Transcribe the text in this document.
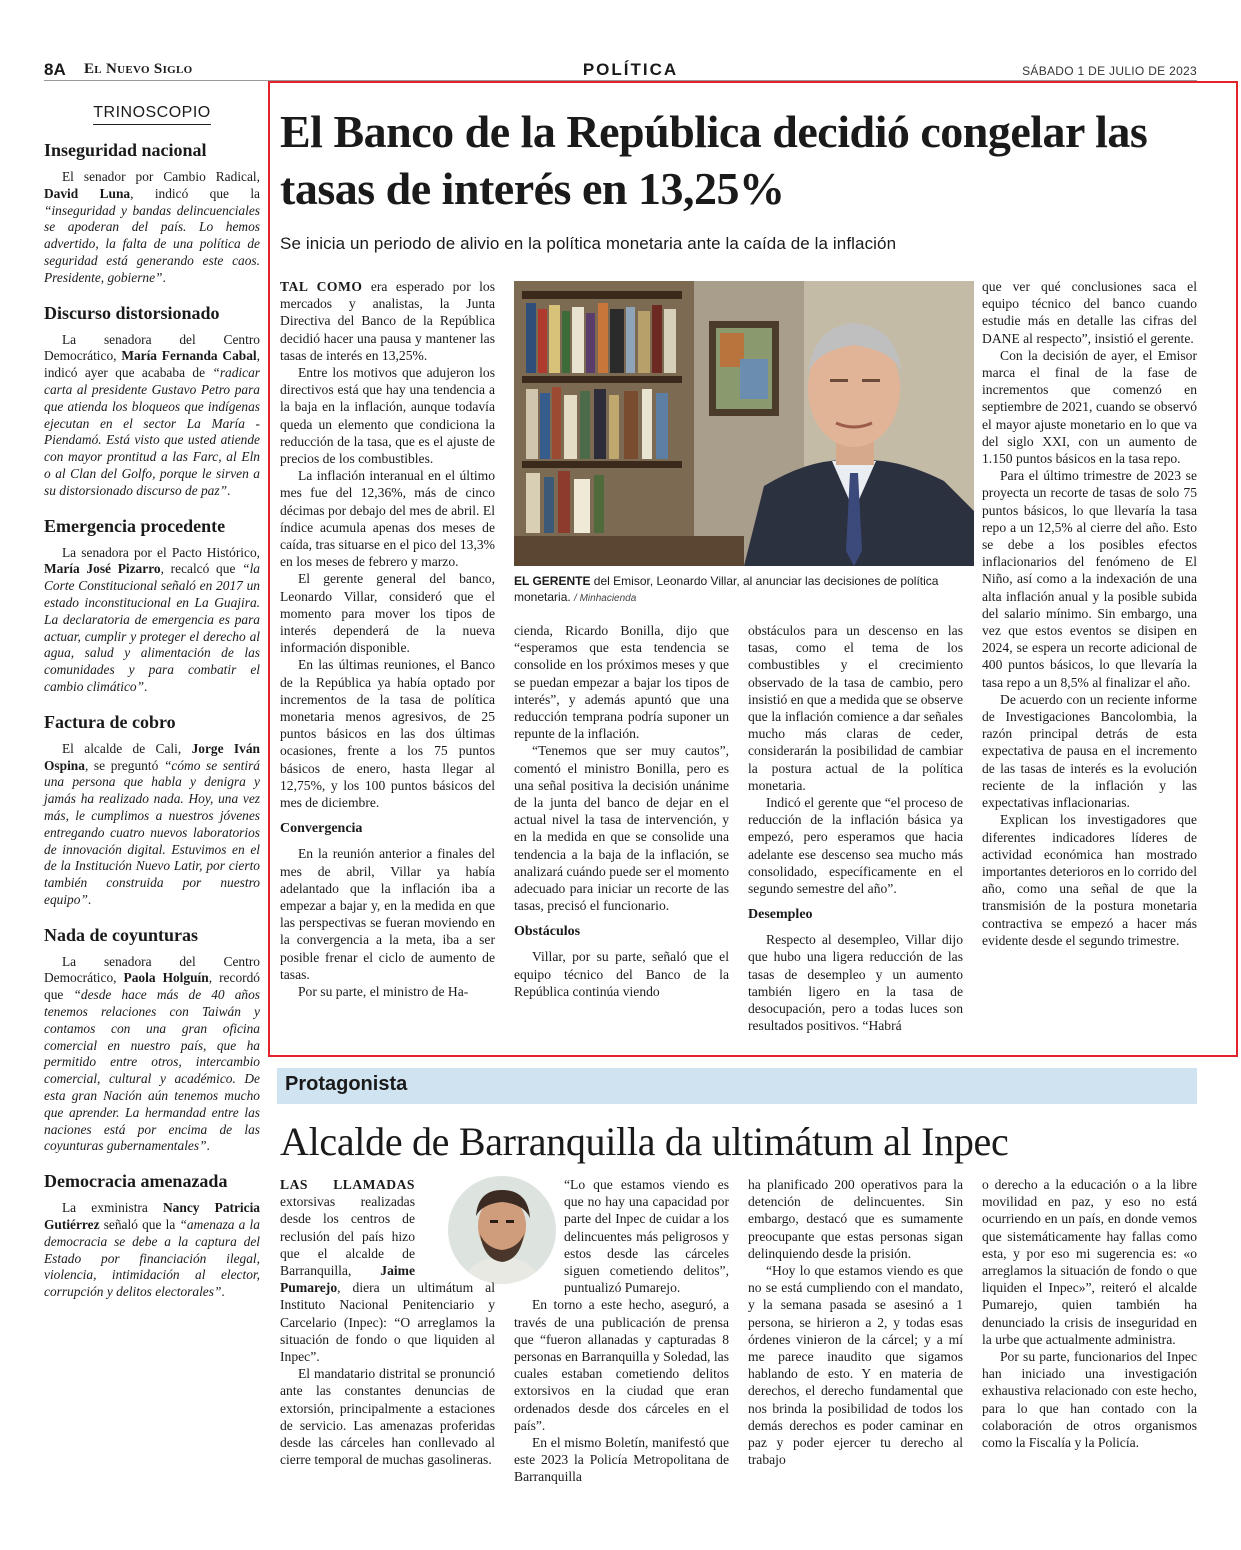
8A El Nuevo Siglo	POLÍTICA	SÁBADO 1 DE JULIO DE 2023
TRINOSCOPIO
Inseguridad nacional

El senador por Cambio Radical, David Luna, indicó que la “inseguridad y bandas delincuenciales se apoderan del país. Lo hemos advertido, la falta de una política de seguridad está generando este caos. Presidente, gobierne”.

Discurso distorsionado

La senadora del Centro Democrático, María Fernanda Cabal, indicó ayer que acababa de “radicar carta al presidente Gustavo Petro para que atienda los bloqueos que indígenas ejecutan en el sector La María -Piendamó. Está visto que usted atiende con mayor prontitud a las Farc, al Eln o al Clan del Golfo, porque le sirven a su distorsionado discurso de paz”.

Emergencia procedente

La senadora por el Pacto Histórico, María José Pizarro, recalcó que “la Corte Constitucional señaló en 2017 un estado inconstitucional en La Guajira. La declaratoria de emergencia es para actuar, cumplir y proteger el derecho al agua, salud y alimentación de las comunidades y para combatir el cambio climático”.

Factura de cobro

El alcalde de Cali, Jorge Iván Ospina, se preguntó “cómo se sentirá una persona que habla y denigra y jamás ha realizado nada. Hoy, una vez más, le cumplimos a nuestros jóvenes entregando cuatro nuevos laboratorios de innovación digital. Estuvimos en el de la Institución Nuevo Latir, por cierto también construida por nuestro equipo”.

Nada de coyunturas

La senadora del Centro Democrático, Paola Holguín, recordó que “desde hace más de 40 años tenemos relaciones con Taiwán y contamos con una gran oficina comercial en nuestro país, que ha permitido entre otros, intercambio comercial, cultural y académico. De esta gran Nación aún tenemos mucho que aprender. La hermandad entre las naciones está por encima de las coyunturas gubernamentales”.

Democracia amenazada

La exministra Nancy Patricia Gutiérrez señaló que la “amenaza a la democracia se debe a la captura del Estado por financiación ilegal, violencia, intimidación al elector, corrupción y delitos electorales”.

El Banco de la República decidió congelar las tasas de interés en 13,25%
Se inicia un periodo de alivio en la política monetaria ante la caída de la inflación

TAL COMO era esperado por los mercados y analistas, la Junta Directiva del Banco de la República decidió hacer una pausa y mantener las tasas de interés en 13,25%.

Entre los motivos que adujeron los directivos está que hay una tendencia a la baja en la inflación, aunque todavía queda un elemento que condiciona la reducción de la tasa, que es el ajuste de precios de los combustibles.

La inflación interanual en el último mes fue del 12,36%, más de cinco décimas por debajo del mes de abril. El índice acumula apenas dos meses de caída, tras situarse en el pico del 13,3% en los meses de febrero y marzo.

El gerente general del banco, Leonardo Villar, consideró que el momento para mover los tipos de interés dependerá de la nueva información disponible.

En las últimas reuniones, el Banco de la República ya había optado por incrementos de la tasa de política monetaria menos agresivos, de 25 puntos básicos en las dos últimas ocasiones, frente a los 75 puntos básicos de enero, hasta llegar al 12,75%, y los 100 puntos básicos del mes de diciembre.

Convergencia

En la reunión anterior a finales del mes de abril, Villar ya había adelantado que la inflación iba a empezar a bajar y, en la medida en que las perspectivas se fueran moviendo en la convergencia a la meta, iba a ser posible frenar el ciclo de aumento de tasas.

Por su parte, el ministro de Ha-

EL GERENTE del Emisor, Leonardo Villar, al anunciar las decisiones de política monetaria. / Minhacienda

cienda, Ricardo Bonilla, dijo que “esperamos que esta tendencia se consolide en los próximos meses y que se puedan empezar a bajar los tipos de interés”, y además apuntó que una reducción temprana podría suponer un repunte de la inflación.

“Tenemos que ser muy cautos”, comentó el ministro Bonilla, pero es una señal positiva la decisión unánime de la junta del banco de dejar en el actual nivel la tasa de intervención, y en la medida en que se consolide una tendencia a la baja de la inflación, se analizará cuándo puede ser el momento adecuado para iniciar un recorte de las tasas, precisó el funcionario.

Obstáculos

Villar, por su parte, señaló que el equipo técnico del Banco de la República continúa viendo

obstáculos para un descenso en las tasas, como el tema de los combustibles y el crecimiento observado de la tasa de cambio, pero insistió en que a medida que se observe que la inflación comience a dar señales mucho más claras de ceder, considerarán la posibilidad de cambiar la postura actual de la política monetaria.

Indicó el gerente que “el proceso de reducción de la inflación básica ya empezó, pero esperamos que hacia adelante ese descenso sea mucho más consolidado, específicamente en el segundo semestre del año”.

Desempleo

Respecto al desempleo, Villar dijo que hubo una ligera reducción de las tasas de desempleo y un aumento también ligero en la tasa de desocupación, pero a todas luces son resultados positivos. “Habrá

que ver qué conclusiones saca el equipo técnico del banco cuando estudie más en detalle las cifras del DANE al respecto”, insistió el gerente.

Con la decisión de ayer, el Emisor marca el final de la fase de incrementos que comenzó en septiembre de 2021, cuando se observó el mayor ajuste monetario en lo que va del siglo XXI, con un aumento de 1.150 puntos básicos en la tasa repo.

Para el último trimestre de 2023 se proyecta un recorte de tasas de solo 75 puntos básicos, lo que llevaría la tasa repo a un 12,5% al cierre del año. Esto se debe a los posibles efectos inflacionarios del fenómeno de El Niño, así como a la indexación de una alta inflación anual y la posible subida del salario mínimo. Sin embargo, una vez que estos eventos se disipen en 2024, se espera un recorte adicional de 400 puntos básicos, lo que llevaría la tasa repo a un 8,5% al finalizar el año.

De acuerdo con un reciente informe de Investigaciones Bancolombia, la razón principal detrás de esta expectativa de pausa en el incremento de las tasas de interés es la evolución reciente de la inflación y las expectativas inflacionarias.

Explican los investigadores que diferentes indicadores líderes de actividad económica han mostrado importantes deterioros en lo corrido del año, como una señal de que la transmisión de la postura monetaria contractiva se empezó a hacer más evidente desde el segundo trimestre.

Protagonista
Alcalde de Barranquilla da ultimátum al Inpec

LAS LLAMADAS extorsivas realizadas desde los centros de reclusión del país hizo que el alcalde de Barranquilla, Jaime Pumarejo, diera un ultimátum al Instituto Nacional Penitenciario y Carcelario (Inpec): “O arreglamos la situación de fondo o que liquiden al Inpec”.

El mandatario distrital se pronunció ante las constantes denuncias de extorsión, principalmente a estaciones de servicio. Las amenazas proferidas desde las cárceles han conllevado al cierre temporal de muchas gasolineras.

“Lo que estamos viendo es que no hay una capacidad por parte del Inpec de cuidar a los delincuentes más peligrosos y estos desde las cárceles siguen cometiendo delitos”, puntualizó Pumarejo.

En torno a este hecho, aseguró, a través de una publicación de prensa que “fueron allanadas y capturadas 8 personas en Barranquilla y Soledad, las cuales estaban cometiendo delitos extorsivos en la ciudad que eran ordenados desde dos cárceles en el país”.

En el mismo Boletín, manifestó que este 2023 la Policía Metropolitana de Barranquilla

ha planificado 200 operativos para la detención de delincuentes. Sin embargo, destacó que es sumamente preocupante que estas personas sigan delinquiendo desde la prisión.

“Hoy lo que estamos viendo es que no se está cumpliendo con el mandato, y la semana pasada se asesinó a 1 persona, se hirieron a 2, y todas esas órdenes vinieron de la cárcel; y a mí me parece inaudito que sigamos hablando de esto. Y en materia de derechos, el derecho fundamental que nos brinda la posibilidad de todos los demás derechos es poder caminar en paz y poder ejercer tu derecho al trabajo

o derecho a la educación o a la libre movilidad en paz, y eso no está ocurriendo en un país, en donde vemos que sistemáticamente hay fallas como esta, y por eso mi sugerencia es: «o arreglamos la situación de fondo o que liquiden el Inpec»”, reiteró el alcalde Pumarejo, quien también ha denunciado la crisis de inseguridad en la urbe que actualmente administra.

Por su parte, funcionarios del Inpec han iniciado una investigación exhaustiva relacionado con este hecho, para lo que han contado con la colaboración de otros organismos como la Fiscalía y la Policía.
